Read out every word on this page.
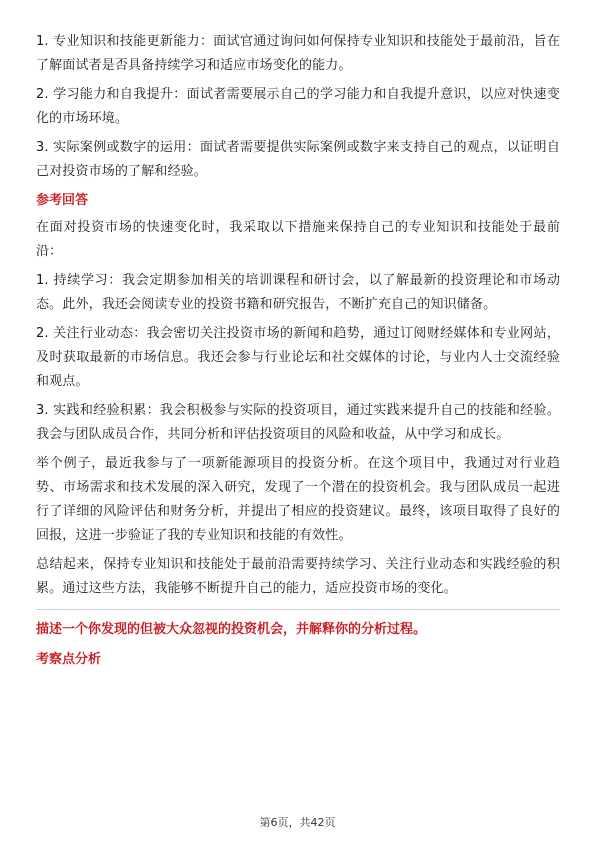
1. 专业知识和技能更新能力：面试官通过询问如何保持专业知识和技能处于最前沿，旨在了解面试者是否具备持续学习和适应市场变化的能力。

2. 学习能力和自我提升：面试者需要展示自己的学习能力和自我提升意识，以应对快速变化的市场环境。

3. 实际案例或数字的运用：面试者需要提供实际案例或数字来支持自己的观点，以证明自己对投资市场的了解和经验。

参考回答

在面对投资市场的快速变化时，我采取以下措施来保持自己的专业知识和技能处于最前沿：

1. 持续学习：我会定期参加相关的培训课程和研讨会，以了解最新的投资理论和市场动态。此外，我还会阅读专业的投资书籍和研究报告，不断扩充自己的知识储备。

2. 关注行业动态：我会密切关注投资市场的新闻和趋势，通过订阅财经媒体和专业网站，及时获取最新的市场信息。我还会参与行业论坛和社交媒体的讨论，与业内人士交流经验和观点。

3. 实践和经验积累：我会积极参与实际的投资项目，通过实践来提升自己的技能和经验。我会与团队成员合作，共同分析和评估投资项目的风险和收益，从中学习和成长。

举个例子，最近我参与了一项新能源项目的投资分析。在这个项目中，我通过对行业趋势、市场需求和技术发展的深入研究，发现了一个潜在的投资机会。我与团队成员一起进行了详细的风险评估和财务分析，并提出了相应的投资建议。最终，该项目取得了良好的回报，这进一步验证了我的专业知识和技能的有效性。

总结起来，保持专业知识和技能处于最前沿需要持续学习、关注行业动态和实践经验的积累。通过这些方法，我能够不断提升自己的能力，适应投资市场的变化。

描述一个你发现的但被大众忽视的投资机会，并解释你的分析过程。
考察点分析
第6页，共42页
